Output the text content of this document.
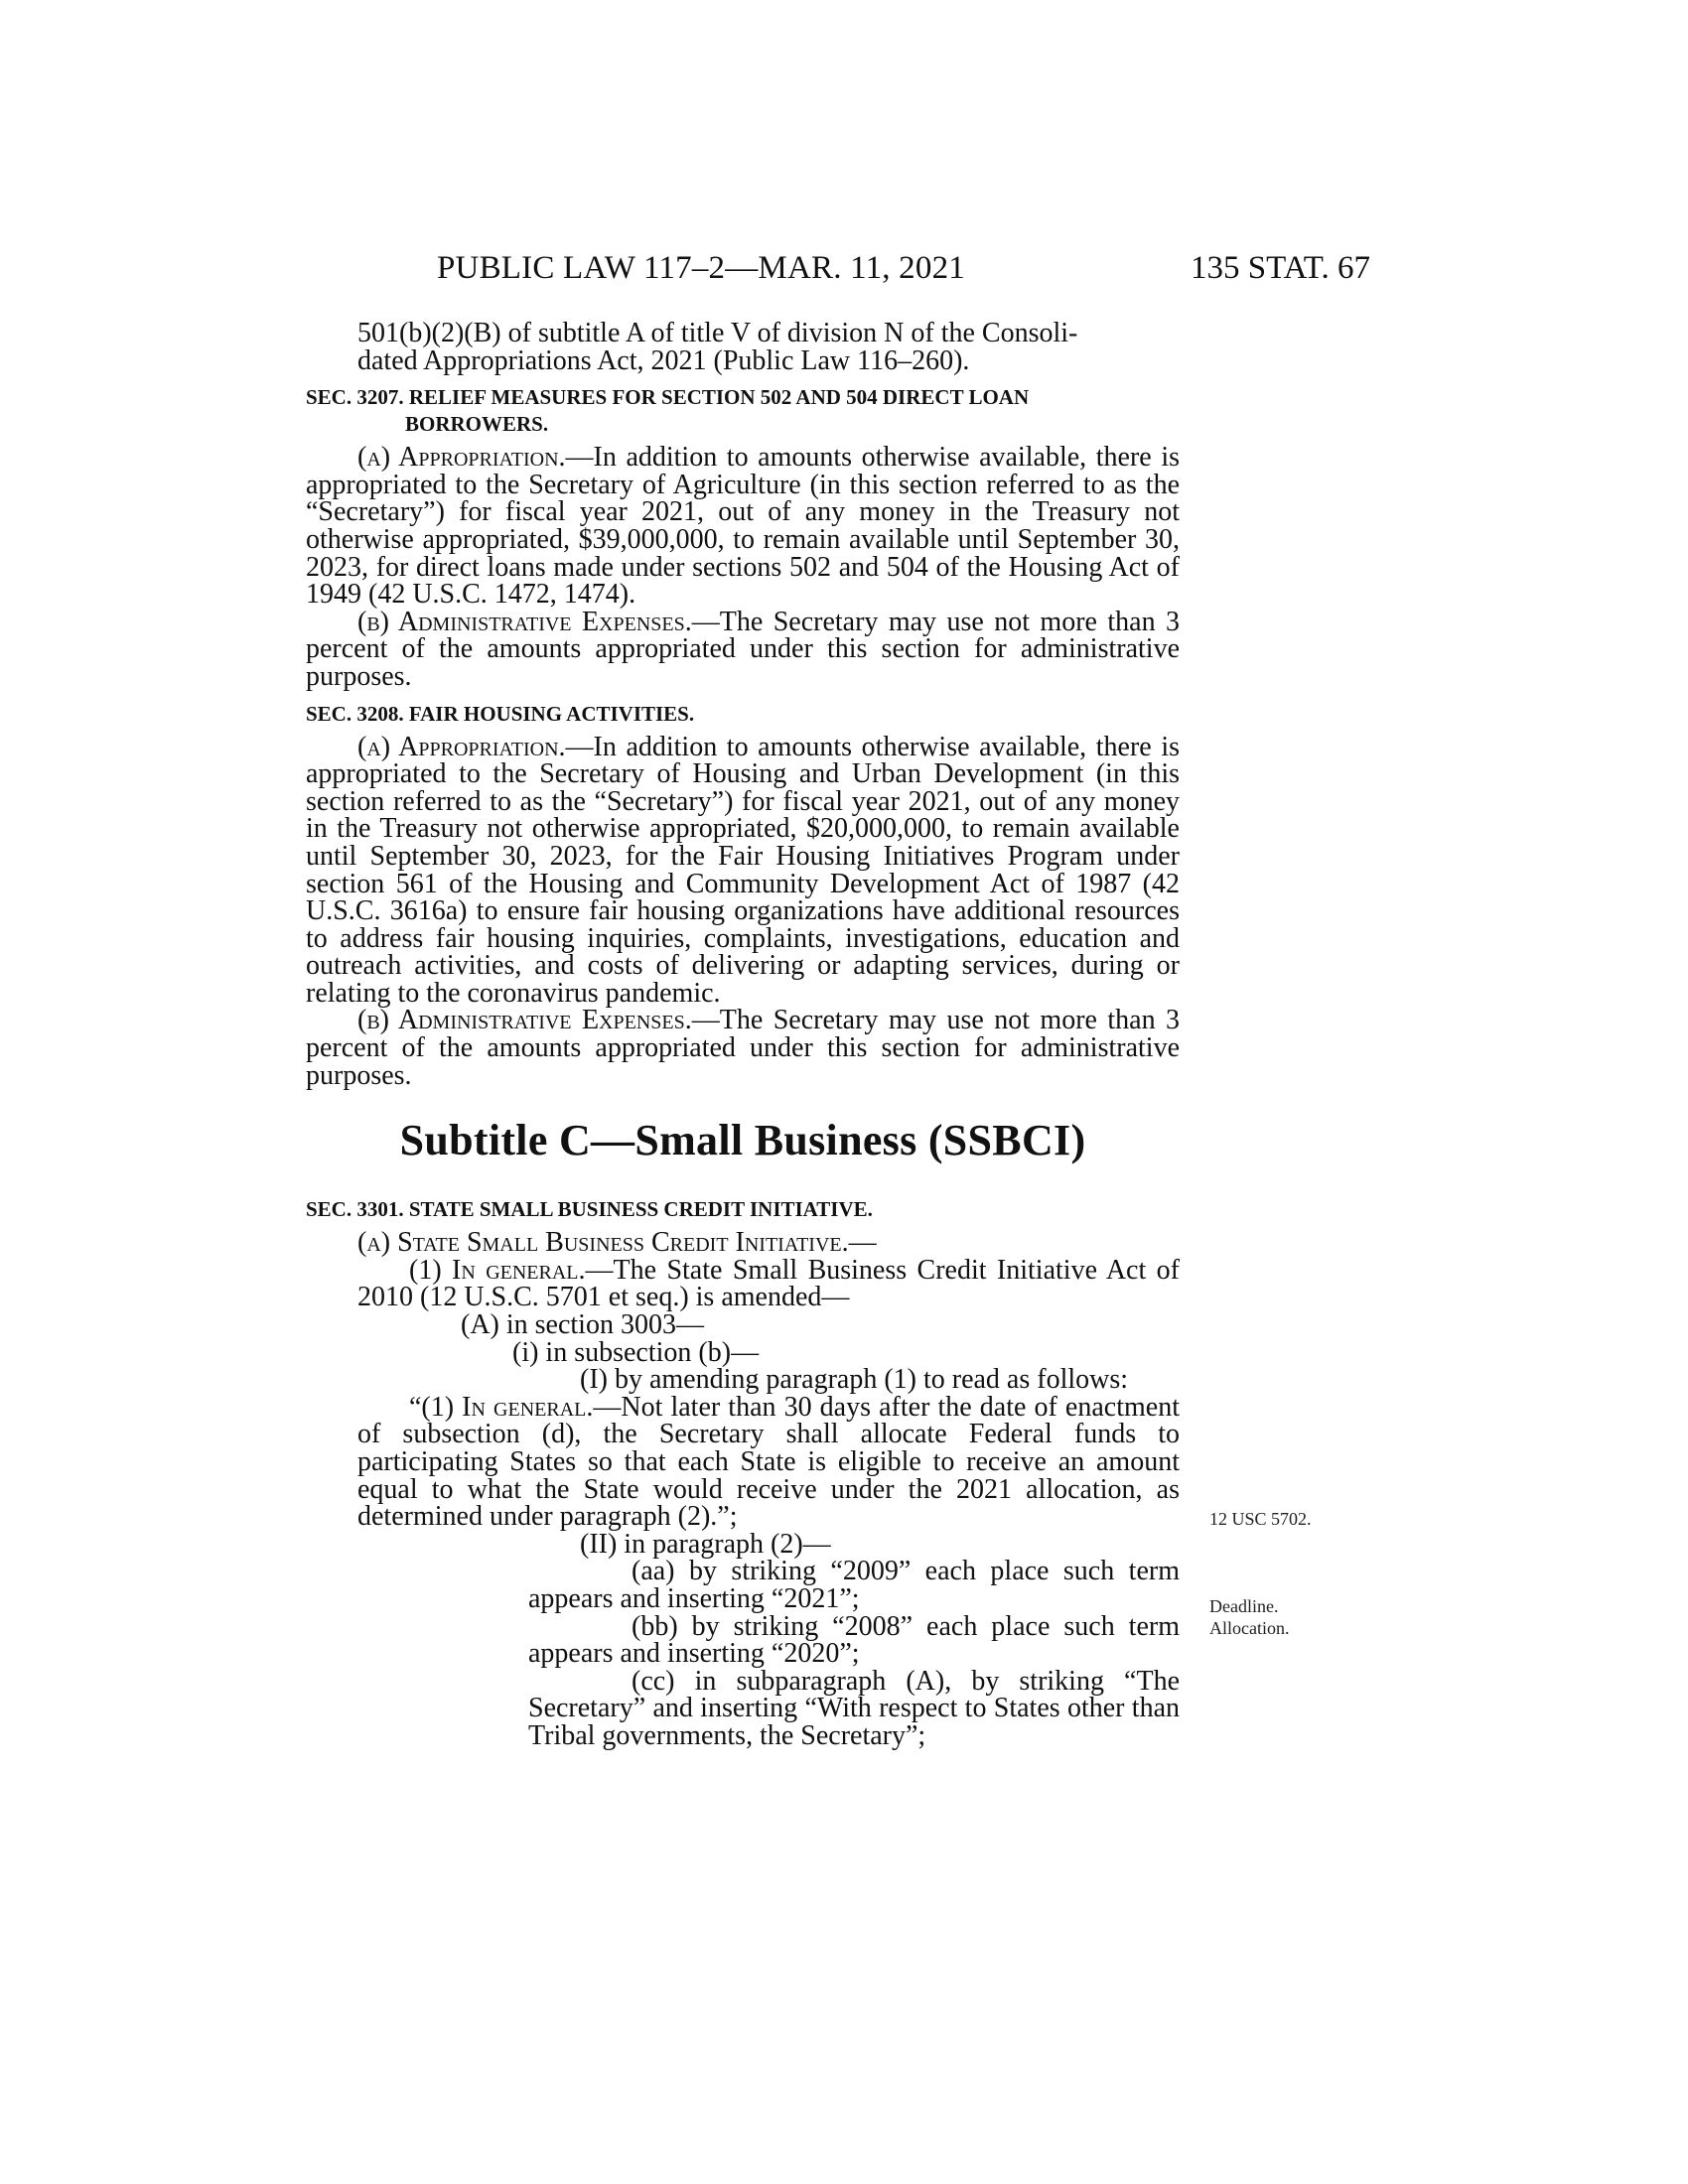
PUBLIC LAW 117–2—MAR. 11, 2021	135 STAT. 67

501(b)(2)(B) of subtitle A of title V of division N of the Consoli-

dated Appropriations Act, 2021 (Public Law 116–260).

SEC. 3207. RELIEF MEASURES FOR SECTION 502 AND 504 DIRECT LOAN
BORROWERS.

(a) Appropriation.—In addition to amounts otherwise available, there is appropriated to the Secretary of Agriculture (in this section referred to as the “Secretary”) for fiscal year 2021, out of any money in the Treasury not otherwise appropriated, $39,000,000, to remain available until September 30, 2023, for direct loans made under sections 502 and 504 of the Housing Act of 1949 (42 U.S.C. 1472, 1474).

(b) Administrative Expenses.—The Secretary may use not more than 3 percent of the amounts appropriated under this section for administrative purposes.

SEC. 3208. FAIR HOUSING ACTIVITIES.

(a) Appropriation.—In addition to amounts otherwise available, there is appropriated to the Secretary of Housing and Urban Development (in this section referred to as the “Secretary”) for fiscal year 2021, out of any money in the Treasury not otherwise appropriated, $20,000,000, to remain available until September 30, 2023, for the Fair Housing Initiatives Program under section 561 of the Housing and Community Development Act of 1987 (42 U.S.C. 3616a) to ensure fair housing organizations have additional resources to address fair housing inquiries, complaints, investigations, education and outreach activities, and costs of delivering or adapting services, during or relating to the coronavirus pandemic.

(b) Administrative Expenses.—The Secretary may use not more than 3 percent of the amounts appropriated under this section for administrative purposes.

Subtitle C—Small Business (SSBCI)
SEC. 3301. STATE SMALL BUSINESS CREDIT INITIATIVE.

(a) State Small Business Credit Initiative.—

(1) In general.—The State Small Business Credit Initiative Act of 2010 (12 U.S.C. 5701 et seq.) is amended—

(A) in section 3003—

(i) in subsection (b)—

(I) by amending paragraph (1) to read as follows:

“(1) In general.—Not later than 30 days after the date of enactment of subsection (d), the Secretary shall allocate Federal funds to participating States so that each State is eligible to receive an amount equal to what the State would receive under the 2021 allocation, as determined under paragraph (2).”;

(II) in paragraph (2)—

(aa) by striking “2009” each place such term appears and inserting “2021”;

(bb) by striking “2008” each place such term appears and inserting “2020”;

(cc) in subparagraph (A), by striking “The Secretary” and inserting “With respect to States other than Tribal governments, the Secretary”;

12 USC 5702.
Deadline.
Allocation.
